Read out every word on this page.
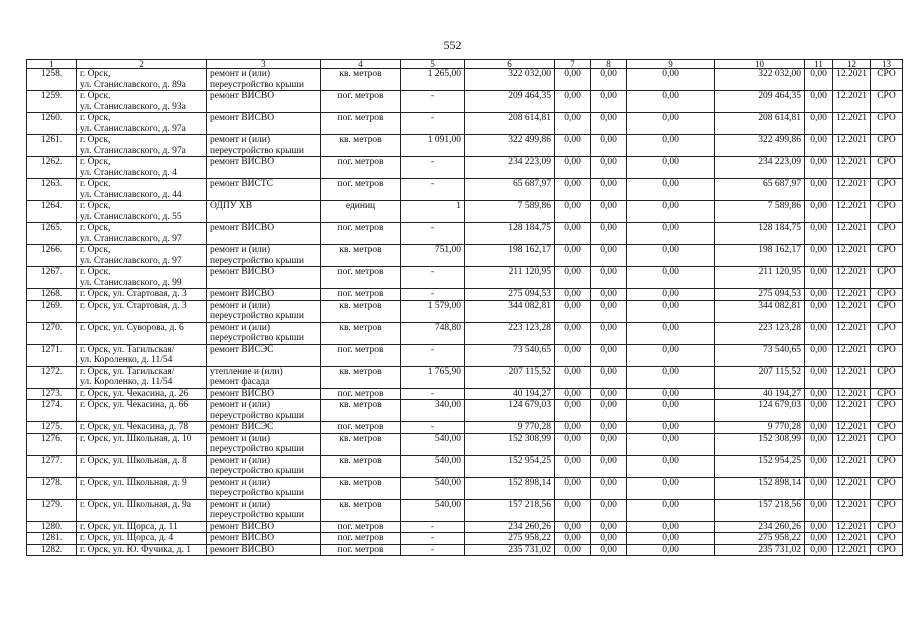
552
1	2	3	4	5	6	7	8	9	10	11	12	13
1258.	г. Орск,
ул. Станиславского, д. 89а	ремонт и (или)
переустройство крыши	кв. метров	1 265,00	322 032,00	0,00	0,00	0,00	322 032,00	0,00	12.2021	СРО
1259.	г. Орск,
ул. Станиславского, д. 93а	ремонт ВИСВО	пог. метров	-	209 464,35	0,00	0,00	0,00	209 464,35	0,00	12.2021	СРО
1260.	г. Орск,
ул. Станиславского, д. 97а	ремонт ВИСВО	пог. метров	-	208 614,81	0,00	0,00	0,00	208 614,81	0,00	12.2021	СРО
1261.	г. Орск,
ул. Станиславского, д. 97а	ремонт и (или)
переустройство крыши	кв. метров	1 091,00	322 499,86	0,00	0,00	0,00	322 499,86	0,00	12.2021	СРО
1262.	г. Орск,
ул. Станиславского, д. 4	ремонт ВИСВО	пог. метров	-	234 223,09	0,00	0,00	0,00	234 223,09	0,00	12.2021	СРО
1263.	г. Орск,
ул. Станиславского, д. 44	ремонт ВИСТС	пог. метров	-	65 687,97	0,00	0,00	0,00	65 687,97	0,00	12.2021	СРО
1264.	г. Орск,
ул. Станиславского, д. 55	ОДПУ ХВ	единиц	1	7 589,86	0,00	0,00	0,00	7 589,86	0,00	12.2021	СРО
1265.	г. Орск,
ул. Станиславского, д. 97	ремонт ВИСВО	пог. метров	-	128 184,75	0,00	0,00	0,00	128 184,75	0,00	12.2021	СРО
1266.	г. Орск,
ул. Станиславского, д. 97	ремонт и (или)
переустройство крыши	кв. метров	751,00	198 162,17	0,00	0,00	0,00	198 162,17	0,00	12.2021	СРО
1267.	г. Орск,
ул. Станиславского, д. 99	ремонт ВИСВО	пог. метров	-	211 120,95	0,00	0,00	0,00	211 120,95	0,00	12.2021	СРО
1268.	г. Орск, ул. Стартовая, д. 3	ремонт ВИСВО	пог. метров	-	275 094,53	0,00	0,00	0,00	275 094,53	0,00	12.2021	СРО
1269.	г. Орск, ул. Стартовая, д. 3	ремонт и (или)
переустройство крыши	кв. метров	1 579,00	344 082,81	0,00	0,00	0,00	344 082,81	0,00	12.2021	СРО
1270.	г. Орск, ул. Суворова, д. 6	ремонт и (или)
переустройство крыши	кв. метров	748,80	223 123,28	0,00	0,00	0,00	223 123,28	0,00	12.2021	СРО
1271.	г. Орск, ул. Тагильская/
ул. Короленко, д. 11/54	ремонт ВИСЭС	пог. метров	-	73 540,65	0,00	0,00	0,00	73 540,65	0,00	12.2021	СРО
1272.	г. Орск, ул. Тагильская/
ул. Короленко, д. 11/54	утепление и (или)
ремонт фасада	кв. метров	1 765,90	207 115,52	0,00	0,00	0,00	207 115,52	0,00	12.2021	СРО
1273.	г. Орск, ул. Чекасина, д. 26	ремонт ВИСВО	пог. метров	-	40 194,27	0,00	0,00	0,00	40 194,27	0,00	12.2021	СРО
1274.	г. Орск, ул. Чекасина, д. 66	ремонт и (или)
переустройство крыши	кв. метров	340,00	124 679,03	0,00	0,00	0,00	124 679,03	0,00	12.2021	СРО
1275.	г. Орск, ул. Чекасина, д. 78	ремонт ВИСЭС	пог. метров	-	9 770,28	0,00	0,00	0,00	9 770,28	0,00	12.2021	СРО
1276.	г. Орск, ул. Школьная, д. 10	ремонт и (или)
переустройство крыши	кв. метров	540,00	152 308,99	0,00	0,00	0,00	152 308,99	0,00	12.2021	СРО
1277.	г. Орск, ул. Школьная, д. 8	ремонт и (или)
переустройство крыши	кв. метров	540,00	152 954,25	0,00	0,00	0,00	152 954,25	0,00	12.2021	СРО
1278.	г. Орск, ул. Школьная, д. 9	ремонт и (или)
переустройство крыши	кв. метров	540,00	152 898,14	0,00	0,00	0,00	152 898,14	0,00	12.2021	СРО
1279.	г. Орск, ул. Школьная, д. 9а	ремонт и (или)
переустройство крыши	кв. метров	540,00	157 218,56	0,00	0,00	0,00	157 218,56	0,00	12.2021	СРО
1280.	г. Орск, ул. Щорса, д. 11	ремонт ВИСВО	пог. метров	-	234 260,26	0,00	0,00	0,00	234 260,26	0,00	12.2021	СРО
1281.	г. Орск, ул. Щорса, д. 4	ремонт ВИСВО	пог. метров	-	275 958,22	0,00	0,00	0,00	275 958,22	0,00	12.2021	СРО
1282.	г. Орск, ул. Ю. Фучика, д. 1	ремонт ВИСВО	пог. метров	-	235 731,02	0,00	0,00	0,00	235 731,02	0,00	12.2021	СРО
